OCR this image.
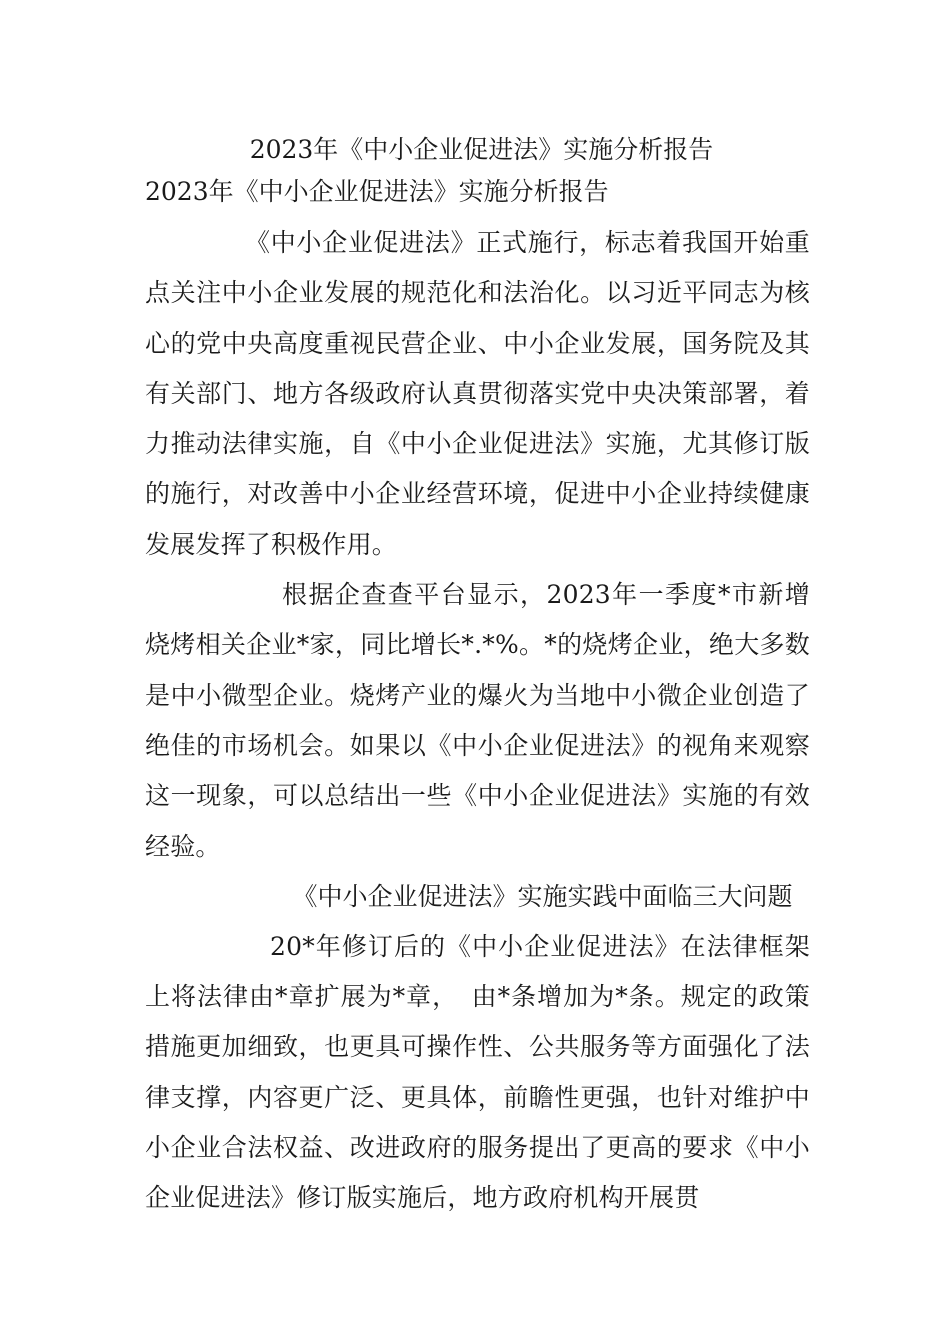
2023年《中小企业促进法》实施分析报告
2023年《中小企业促进法》实施分析报告

《中小企业促进法》正式施行，标志着我国开始重点关注中小企业发展的规范化和法治化。以习近平同志为核心的党中央高度重视民营企业、中小企业发展，国务院及其有关部门、地方各级政府认真贯彻落实党中央决策部署，着力推动法律实施，自《中小企业促进法》实施，尤其修订版的施行，对改善中小企业经营环境，促进中小企业持续健康发展发挥了积极作用。

根据企查查平台显示，2023年一季度*市新增烧烤相关企业*家，同比增长*.*%。*的烧烤企业，绝大多数是中小微型企业。烧烤产业的爆火为当地中小微企业创造了绝佳的市场机会。如果以《中小企业促进法》的视角来观察这一现象，可以总结出一些《中小企业促进法》实施的有效经验。

《中小企业促进法》实施实践中面临三大问题

20*年修订后的《中小企业促进法》在法律框架上将法律由*章扩展为*章，　由*条增加为*条。规定的政策措施更加细致，也更具可操作性、公共服务等方面强化了法律支撑，内容更广泛、更具体，前瞻性更强，也针对维护中小企业合法权益、改进政府的服务提出了更高的要求《中小企业促进法》修订版实施后，地方政府机构开展贯
